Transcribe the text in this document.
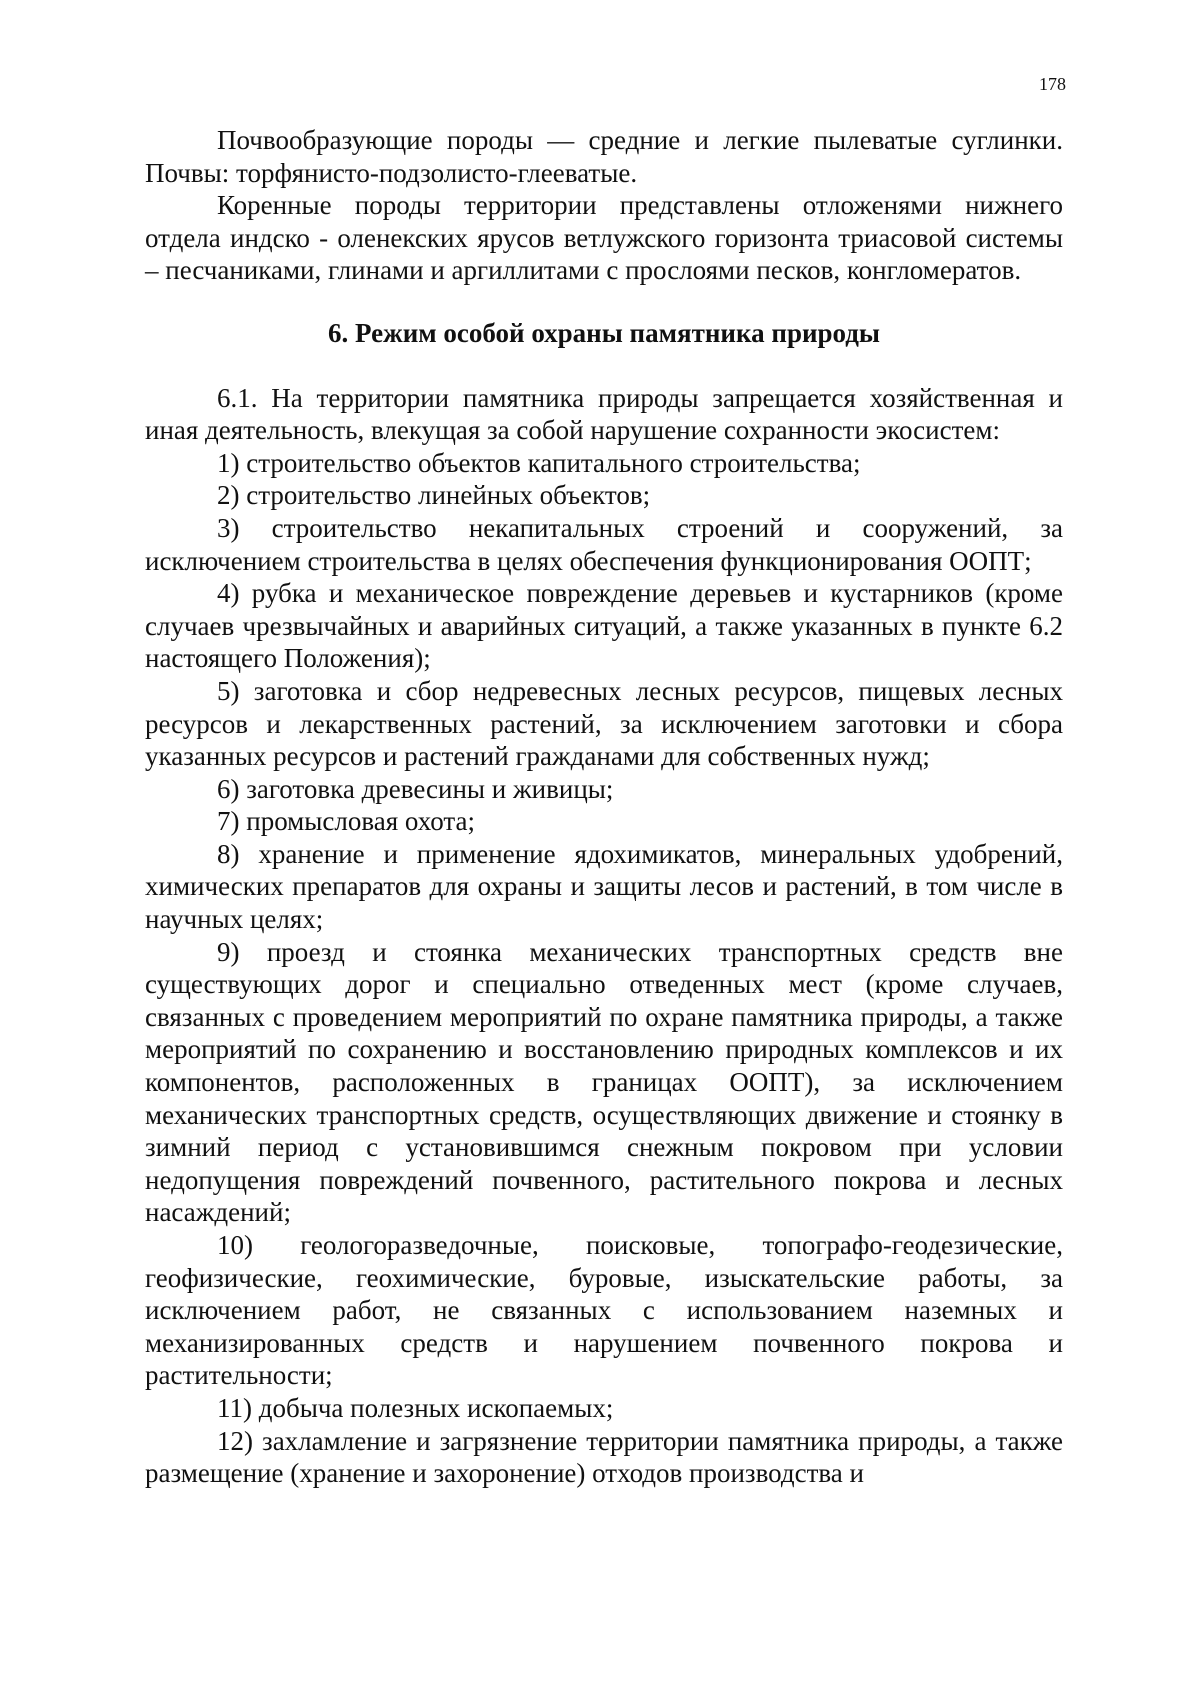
178

Почвообразующие породы — средние и легкие пылеватые суглинки. Почвы: торфянисто-подзолисто-глееватые.

Коренные породы территории представлены отложенями нижнего отдела индско - оленекских ярусов ветлужского горизонта триасовой системы – песчаниками, глинами и аргиллитами с прослоями песков, конгломератов.

6. Режим особой охраны памятника природы

6.1. На территории памятника природы запрещается хозяйственная и иная деятельность, влекущая за собой нарушение сохранности экосистем:

1) строительство объектов капитального строительства;

2) строительство линейных объектов;

3) строительство некапитальных строений и сооружений, за исключением строительства в целях обеспечения функционирования ООПТ;

4) рубка и механическое повреждение деревьев и кустарников (кроме случаев чрезвычайных и аварийных ситуаций, а также указанных в пункте 6.2 настоящего Положения);

5) заготовка и сбор недревесных лесных ресурсов, пищевых лесных ресурсов и лекарственных растений, за исключением заготовки и сбора указанных ресурсов и растений гражданами для собственных нужд;

6) заготовка древесины и живицы;

7) промысловая охота;

8) хранение и применение ядохимикатов, минеральных удобрений, химических препаратов для охраны и защиты лесов и растений, в том числе в научных целях;

9) проезд и стоянка механических транспортных средств вне существующих дорог и специально отведенных мест (кроме случаев, связанных с проведением мероприятий по охране памятника природы, а также мероприятий по сохранению и восстановлению природных комплексов и их компонентов, расположенных в границах ООПТ), за исключением механических транспортных средств, осуществляющих движение и стоянку в зимний период с установившимся снежным покровом при условии недопущения повреждений почвенного, растительного покрова и лесных насаждений;

10) геологоразведочные, поисковые, топографо-геодезические, геофизические, геохимические, буровые, изыскательские работы, за исключением работ, не связанных с использованием наземных и механизированных средств и нарушением почвенного покрова и растительности;

11) добыча полезных ископаемых;

12) захламление и загрязнение территории памятника природы, а также размещение (хранение и захоронение) отходов производства и
